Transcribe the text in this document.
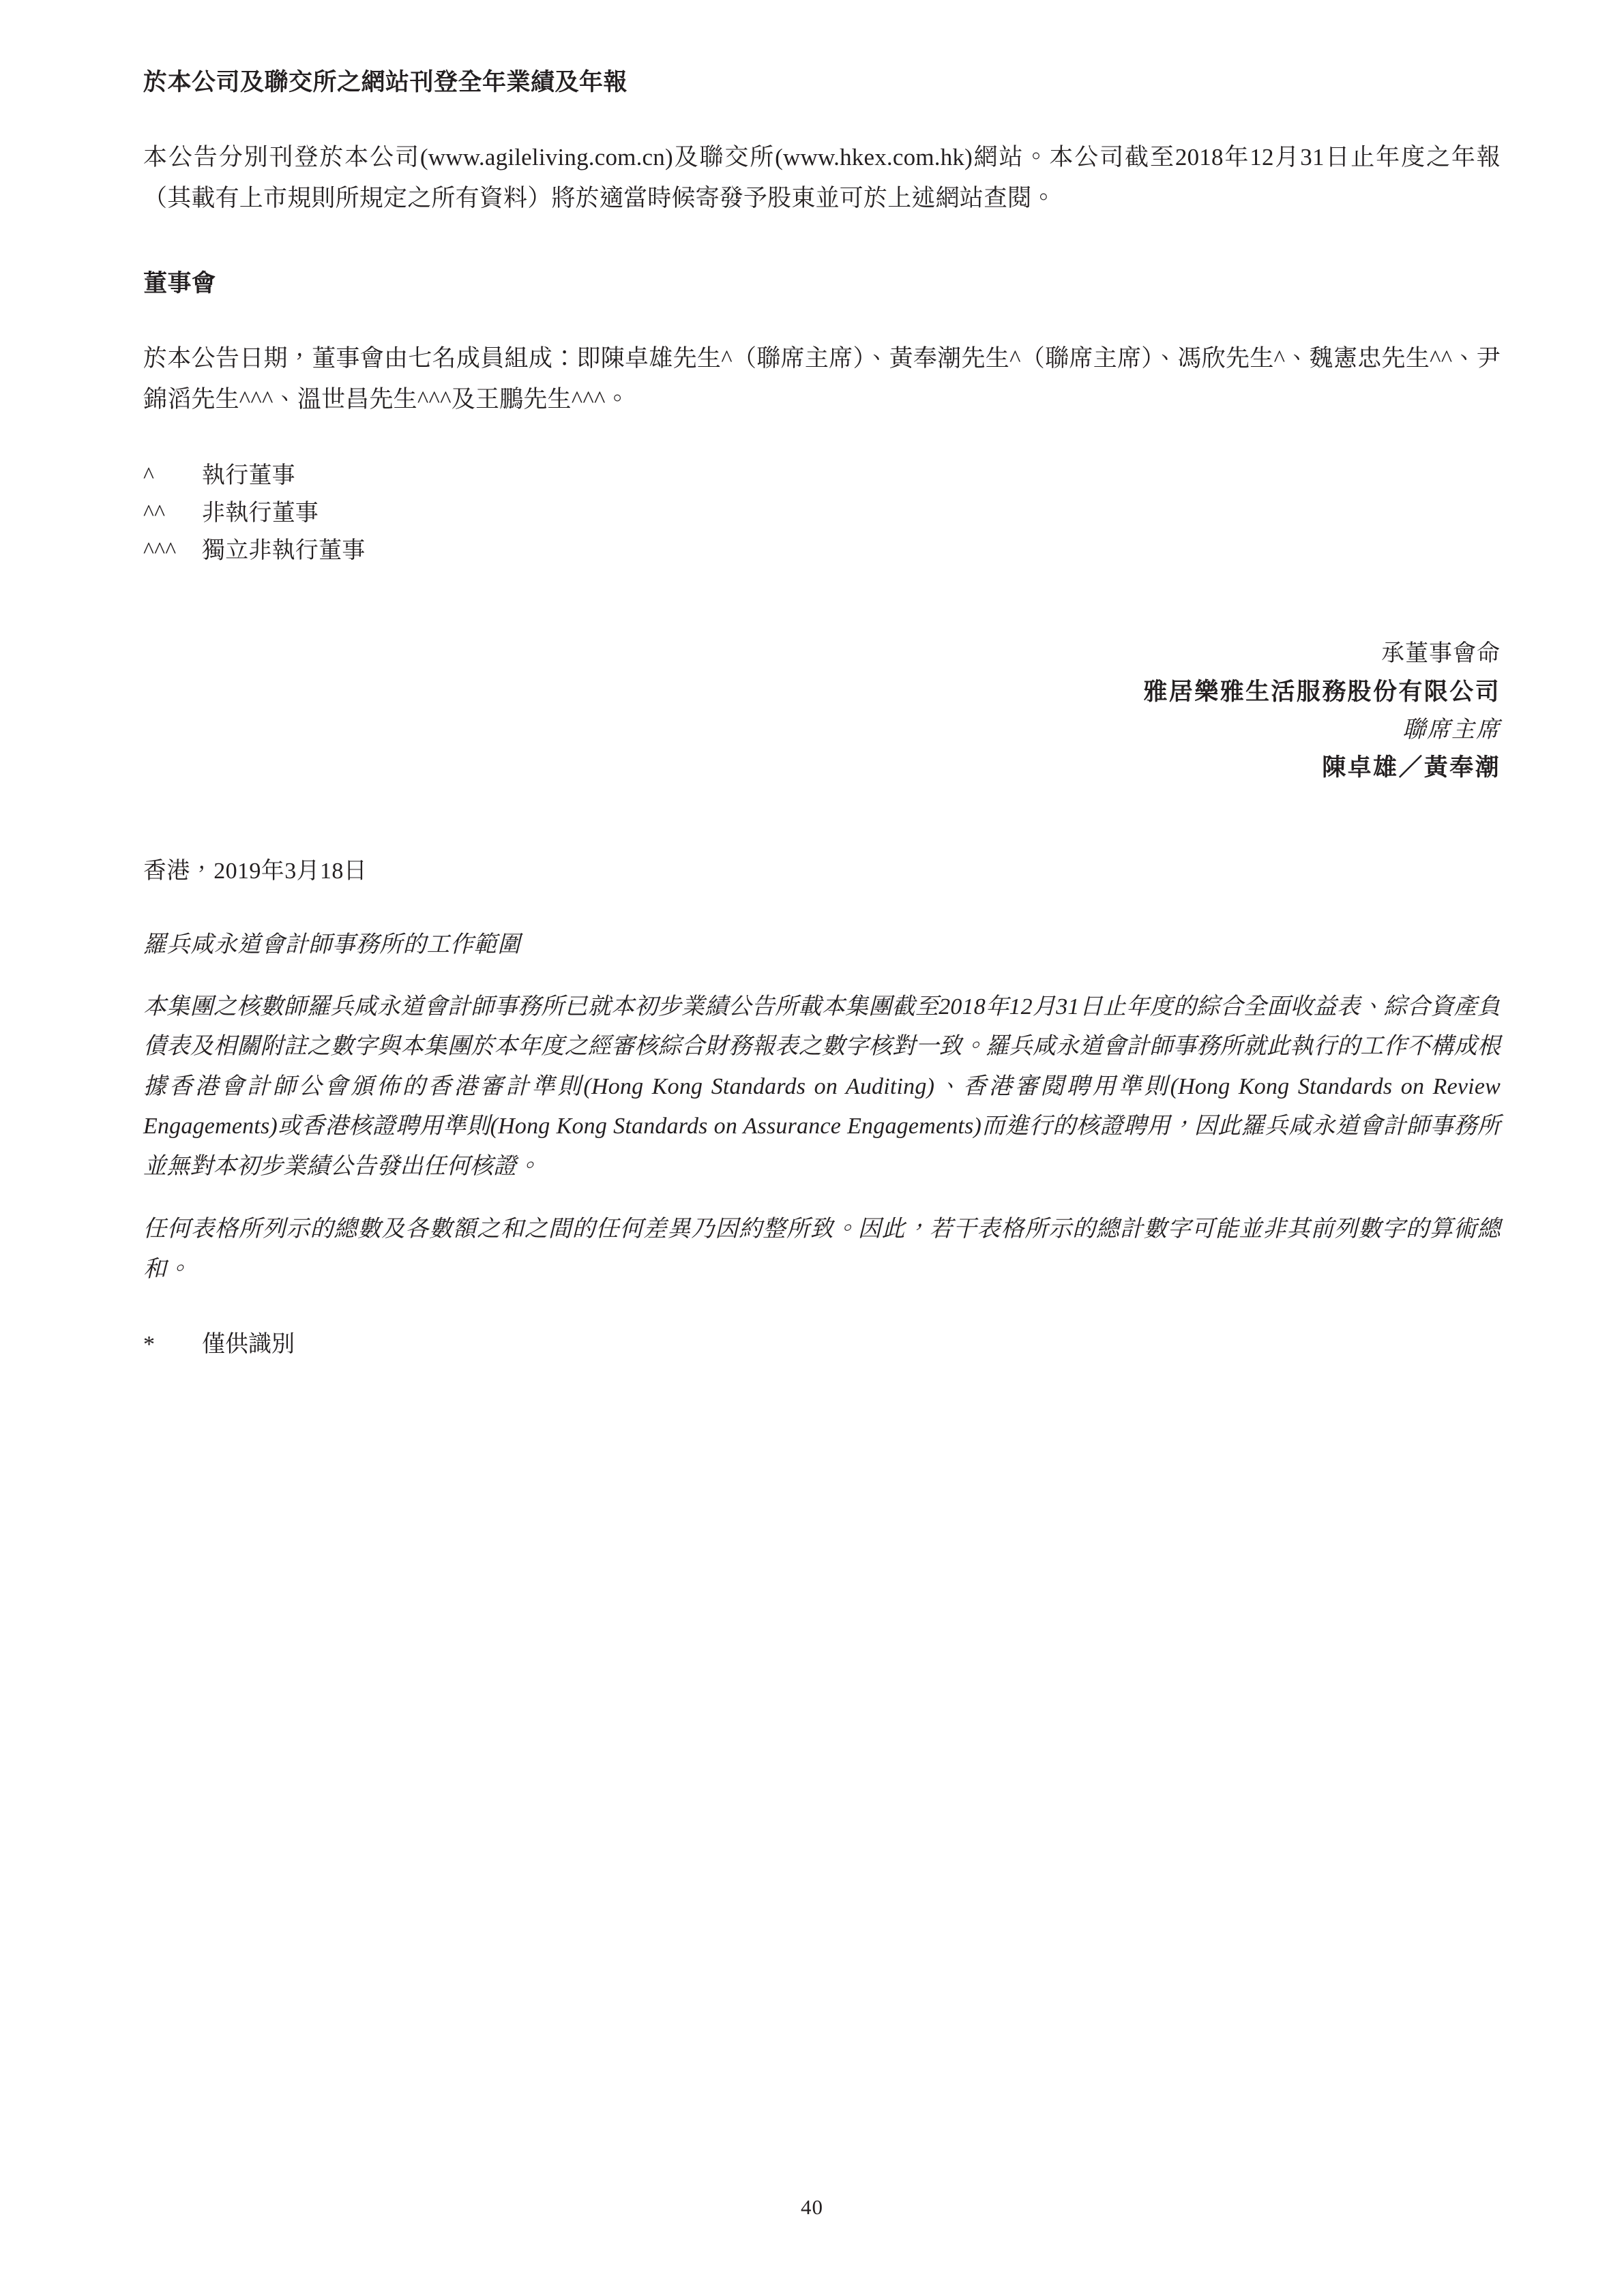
於本公司及聯交所之網站刊登全年業績及年報

本公告分別刊登於本公司(www.agileliving.com.cn)及聯交所(www.hkex.com.hk)網站。本公司截至2018年12月31日止年度之年報（其載有上市規則所規定之所有資料）將於適當時候寄發予股東並可於上述網站查閱。

董事會

於本公告日期，董事會由七名成員組成：即陳卓雄先生^（聯席主席）、黃奉潮先生^（聯席主席）、馮欣先生^、魏憲忠先生^^、尹錦滔先生^^^、溫世昌先生^^^及王鵬先生^^^。

^	執行董事
^^	非執行董事
^^^	獨立非執行董事
承董事會命
雅居樂雅生活服務股份有限公司
聯席主席
陳卓雄／黃奉潮
香港，2019年3月18日
羅兵咸永道會計師事務所的工作範圍

本集團之核數師羅兵咸永道會計師事務所已就本初步業績公告所載本集團截至2018年12月31日止年度的綜合全面收益表、綜合資產負債表及相關附註之數字與本集團於本年度之經審核綜合財務報表之數字核對一致。羅兵咸永道會計師事務所就此執行的工作不構成根據香港會計師公會頒佈的香港審計準則(Hong Kong Standards on Auditing)、香港審閱聘用準則(Hong Kong Standards on Review Engagements)或香港核證聘用準則(Hong Kong Standards on Assurance Engagements)而進行的核證聘用，因此羅兵咸永道會計師事務所並無對本初步業績公告發出任何核證。

任何表格所列示的總數及各數額之和之間的任何差異乃因約整所致。因此，若干表格所示的總計數字可能並非其前列數字的算術總和。

*	僅供識別
40
